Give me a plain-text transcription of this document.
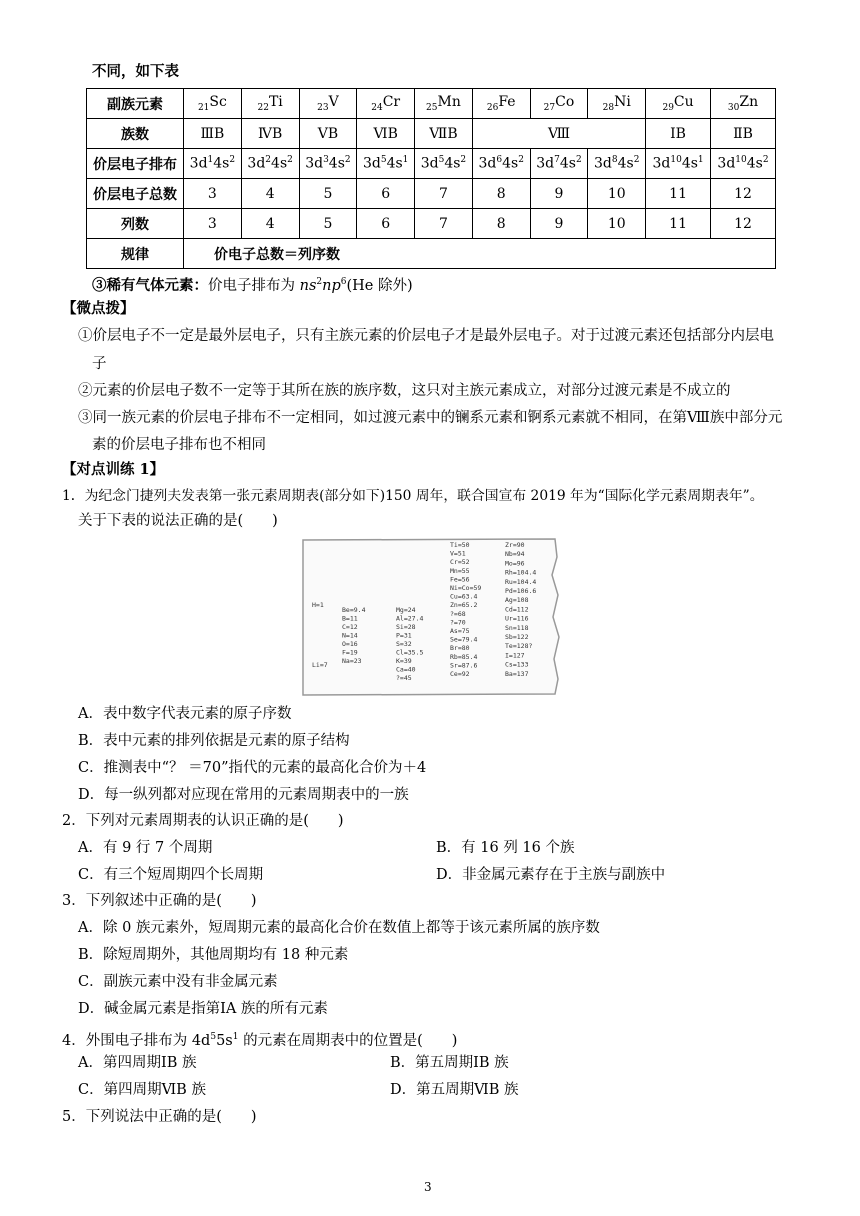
不同，如下表
副族元素	$_{21}$Sc	$_{22}$Ti	$_{23}$V	$_{24}$Cr	$_{25}$Mn	$_{26}$Fe	$_{27}$Co	$_{28}$Ni	$_{29}$Cu	$_{30}$Zn
族数	ⅢB	ⅣB	ⅤB	ⅥB	ⅦB	Ⅷ			ⅠB	ⅡB
价层电子排布	$3d^14s^2$	$3d^24s^2$	$3d^34s^2$	$3d^54s^1$	$3d^54s^2$	$3d^64s^2$	$3d^74s^2$	$3d^84s^2$	$3d^{10}4s^1$	$3d^{10}4s^2$
价层电子总数	3	4	5	6	7	8	9	10	11	12
列数	3	4	5	6	7	8	9	10	11	12
规律	价电子总数＝列序数									
③稀有气体元素：价电子排布为 $ns^2np^6(He$ 除外)
【微点拨】
①价层电子不一定是最外层电子，只有主族元素的价层电子才是最外层电子。对于过渡元素还包括部分内层电
子
②元素的价层电子数不一定等于其所在族的族序数，这只对主族元素成立，对部分过渡元素是不成立的
③同一族元素的价层电子排布不一定相同，如过渡元素中的镧系元素和锕系元素就不相同，在第Ⅷ族中部分元
素的价层电子排布也不相同
【对点训练 1】
1．为纪念门捷列夫发表第一张元素周期表(部分如下)150 周年，联合国宣布 2019 年为“国际化学元素周期表年”。
关于下表的说法正确的是(　　)
H=1
Li=7
Be=9.4
B=11
C=12
N=14
O=16
F=19
Na=23
Mg=24
Al=27.4
Si=28
P=31
S=32
Cl=35.5
K=39
Ca=40
?=45
Ti=50
V=51
Cr=52
Mn=55
Fe=56
Ni=Co=59
Cu=63.4
Zn=65.2
?=68
?=70
As=75
Se=79.4
Br=80
Rb=85.4
Sr=87.6
Ce=92
Zr=90
Nb=94
Mo=96
Rh=104.4
Ru=104.4
Pd=106.6
Ag=108
Cd=112
Ur=116
Sn=118
Sb=122
Te=128?
I=127
Cs=133
Ba=137
A．表中数字代表元素的原子序数
B．表中元素的排列依据是元素的原子结构
C．推测表中“？ ＝70”指代的元素的最高化合价为＋4
D．每一纵列都对应现在常用的元素周期表中的一族
2．下列对元素周期表的认识正确的是(　　)
A．有 9 行 7 个周期	B．有 16 列 16 个族
C．有三个短周期四个长周期	D．非金属元素存在于主族与副族中
3．下列叙述中正确的是(　　)
A．除 0 族元素外，短周期元素的最高化合价在数值上都等于该元素所属的族序数
B．除短周期外，其他周期均有 18 种元素
C．副族元素中没有非金属元素
D．碱金属元素是指第ⅠA 族的所有元素
4．外围电子排布为 $4d^55s^1$ 的元素在周期表中的位置是(　　)
A．第四周期ⅠB 族	B．第五周期ⅠB 族
C．第四周期ⅥB 族	D．第五周期ⅥB 族
5．下列说法中正确的是(　　)
3
